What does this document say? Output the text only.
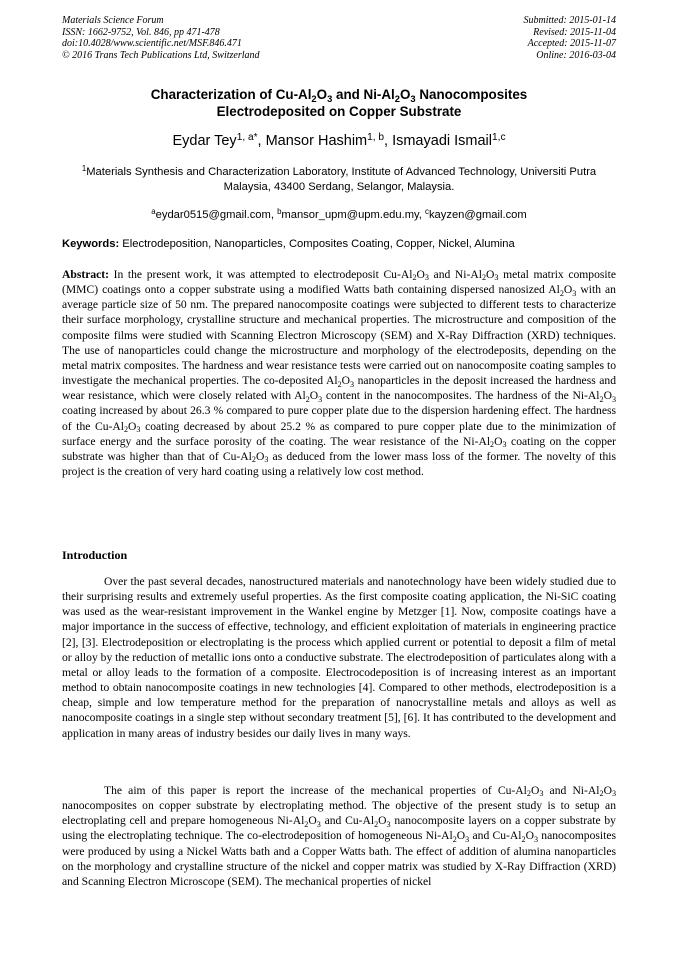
Materials Science Forum
ISSN: 1662-9752, Vol. 846, pp 471-478
doi:10.4028/www.scientific.net/MSF.846.471
© 2016 Trans Tech Publications Ltd, Switzerland
Submitted: 2015-01-14
Revised: 2015-11-04
Accepted: 2015-11-07
Online: 2016-03-04
Characterization of $Cu-Al_2O_3$ and $Ni-Al_2O_3$ Nanocomposites
Electrodeposited on Copper Substrate
Eydar Tey$^{1, a*}$, Mansor Hashim$^{1, b}$, Ismayadi Ismail$^{1,c}$
$^1$Materials Synthesis and Characterization Laboratory, Institute of Advanced Technology, Universiti Putra Malaysia, 43400 Serdang, Selangor, Malaysia.
$^a$eydar0515@gmail.com, $^b$mansor_upm@upm.edu.my, $^c$kayzen@gmail.com
Keywords: Electrodeposition, Nanoparticles, Composites Coating, Copper, Nickel, Alumina

Abstract: In the present work, it was attempted to electrodeposit $Cu-Al_2O_3$ and $Ni-Al_2O_3$ metal matrix composite (MMC) coatings onto a copper substrate using a modified Watts bath containing dispersed nanosized $Al_2O_3$ with an average particle size of 50 nm. The prepared nanocomposite coatings were subjected to different tests to characterize their surface morphology, crystalline structure and mechanical properties. The microstructure and composition of the composite films were studied with Scanning Electron Microscopy (SEM) and X-Ray Diffraction (XRD) techniques. The use of nanoparticles could change the microstructure and morphology of the electrodeposits, depending on the metal matrix composites. The hardness and wear resistance tests were carried out on nanocomposite coating samples to investigate the mechanical properties. The co-deposited $Al_2O_3$ nanoparticles in the deposit increased the hardness and wear resistance, which were closely related with $Al_2O_3$ content in the nanocomposites. The hardness of the $Ni-Al_2O_3$ coating increased by about 26.3 % compared to pure copper plate due to the dispersion hardening effect. The hardness of the $Cu-Al_2O_3$ coating decreased by about 25.2 % as compared to pure copper plate due to the minimization of surface energy and the surface porosity of the coating. The wear resistance of the $Ni-Al_2O_3$ coating on the copper substrate was higher than that of $Cu-Al_2O_3$ as deduced from the lower mass loss of the former. The novelty of this project is the creation of very hard coating using a relatively low cost method.

Introduction

Over the past several decades, nanostructured materials and nanotechnology have been widely studied due to their surprising results and extremely useful properties. As the first composite coating application, the Ni-SiC coating was used as the wear-resistant improvement in the Wankel engine by Metzger [1]. Now, composite coatings have a major importance in the success of effective, technology, and efficient exploitation of materials in engineering practice [2], [3]. Electrodeposition or electroplating is the process which applied current or potential to deposit a film of metal or alloy by the reduction of metallic ions onto a conductive substrate. The electrodeposition of particulates along with a metal or alloy leads to the formation of a composite. Electrocodeposition is of increasing interest as an important method to obtain nanocomposite coatings in new technologies [4]. Compared to other methods, electrodeposition is a cheap, simple and low temperature method for the preparation of nanocrystalline metals and alloys as well as nanocomposite coatings in a single step without secondary treatment [5], [6]. It has contributed to the development and application in many areas of industry besides our daily lives in many ways.

The aim of this paper is report the increase of the mechanical properties of $Cu-Al_2O_3$ and $Ni-Al_2O_3$ nanocomposites on copper substrate by electroplating method. The objective of the present study is to setup an electroplating cell and prepare homogeneous $Ni-Al_2O_3$ and $Cu-Al_2O_3$ nanocomposite layers on a copper substrate by using the electroplating technique. The co-electrodeposition of homogeneous $Ni-Al_2O_3$ and $Cu-Al_2O_3$ nanocomposites were produced by using a Nickel Watts bath and a Copper Watts bath. The effect of addition of alumina nanoparticles on the morphology and crystalline structure of the nickel and copper matrix was studied by X-Ray Diffraction (XRD) and Scanning Electron Microscope (SEM). The mechanical properties of nickel
